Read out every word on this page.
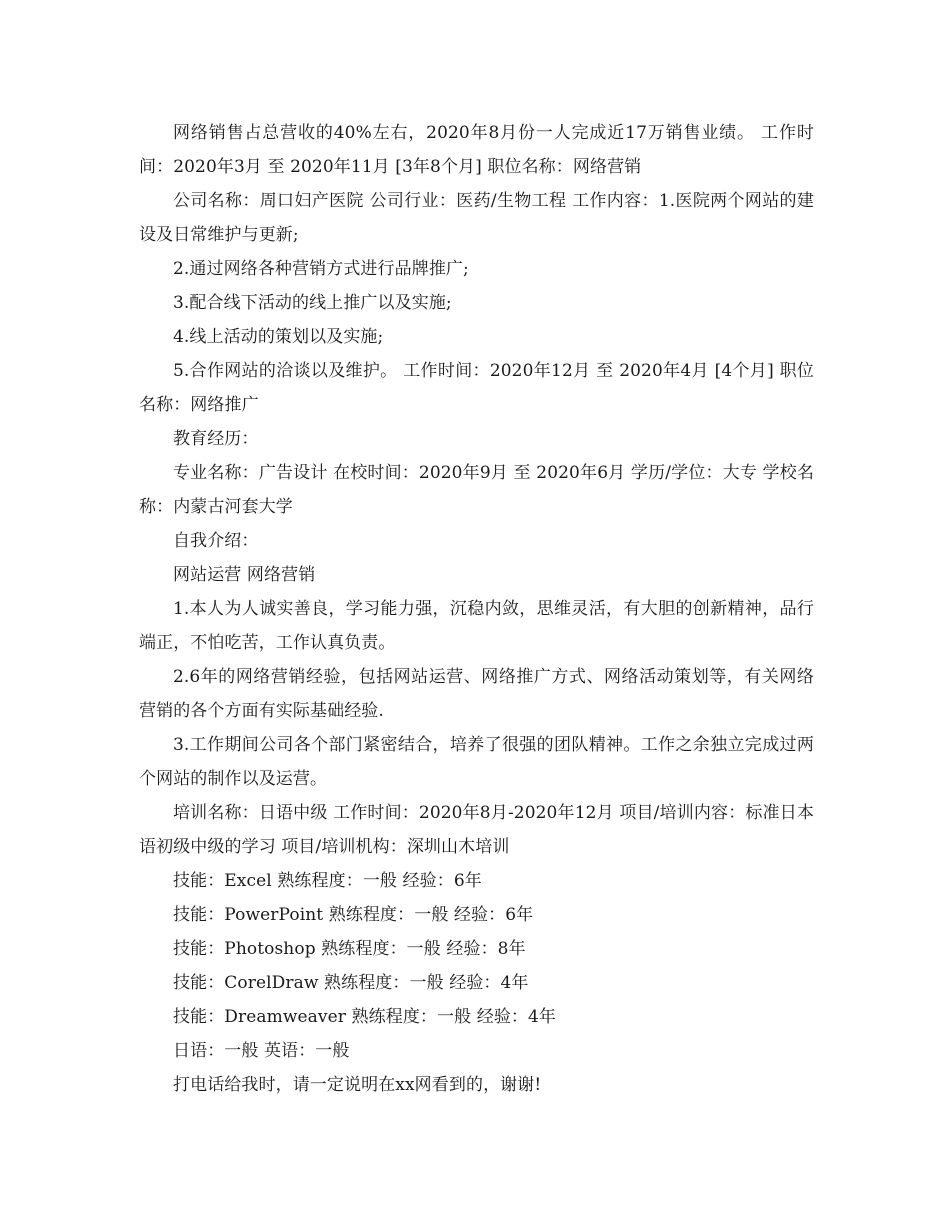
网络销售占总营收的40%左右，2020年8月份一人完成近17万销售业绩。 工作时间：2020年3月 至 2020年11月 [3年8个月] 职位名称：网络营销

公司名称：周口妇产医院 公司行业：医药/生物工程 工作内容：1.医院两个网站的建设及日常维护与更新;

2.通过网络各种营销方式进行品牌推广;

3.配合线下活动的线上推广以及实施;

4.线上活动的策划以及实施;

5.合作网站的洽谈以及维护。 工作时间：2020年12月 至 2020年4月 [4个月] 职位名称：网络推广

教育经历：

专业名称：广告设计 在校时间：2020年9月 至 2020年6月 学历/学位：大专 学校名称：内蒙古河套大学

自我介绍：

网站运营 网络营销

1.本人为人诚实善良，学习能力强，沉稳内敛，思维灵活，有大胆的创新精神，品行端正，不怕吃苦，工作认真负责。

2.6年的网络营销经验，包括网站运营、网络推广方式、网络活动策划等，有关网络营销的各个方面有实际基础经验.

3.工作期间公司各个部门紧密结合，培养了很强的团队精神。工作之余独立完成过两个网站的制作以及运营。

培训名称：日语中级 工作时间：2020年8月-2020年12月 项目/培训内容：标准日本语初级中级的学习 项目/培训机构：深圳山木培训

技能：Excel 熟练程度：一般 经验：6年

技能：PowerPoint 熟练程度：一般 经验：6年

技能：Photoshop 熟练程度：一般 经验：8年

技能：CorelDraw 熟练程度：一般 经验：4年

技能：Dreamweaver 熟练程度：一般 经验：4年

日语：一般 英语：一般

打电话给我时，请一定说明在xx网看到的，谢谢!
